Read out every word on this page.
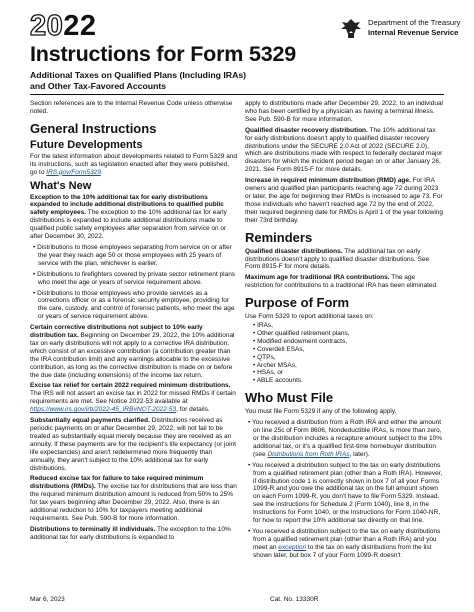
2022	Department of the Treasury
Internal Revenue Service
Instructions for Form 5329
Additional Taxes on Qualified Plans (Including IRAs)
and Other Tax-Favored Accounts

Section references are to the Internal Revenue Code unless otherwise noted.

General Instructions
Future Developments

For the latest information about developments related to Form 5329 and its instructions, such as legislation enacted after they were published, go to IRS.gov/Form5329.

What's New

Exception to the 10% additional tax for early distributions expanded to include additional distributions to qualified public safety employees. The exception to the 10% additional tax for early distributions is expanded to include additional distributions made to qualified public safety employees after separation from service on or after December 30, 2022.

• Distributions to those employees separating from service on or after the year they reach age 50 or those employees with 25 years of service with the plan, whichever is earlier.

• Distributions to firefighters covered by private sector retirement plans who meet the age or years of service requirement above.

• Distributions to those employees who provide services as a corrections officer or as a forensic security employee, providing for the care, custody, and control of forensic patients, who meet the age or years of service requirement above.

Certain corrective distributions not subject to 10% early distribution tax. Beginning on December 29, 2022, the 10% additional tax on early distributions will not apply to a corrective IRA distribution, which consist of an excessive contribution (a contribution greater than the IRA contribution limit) and any earnings allocable to the excessive contribution, as long as the corrective distribution is made on or before the due date (including extensions) of the income tax return.

Excise tax relief for certain 2022 required minimum distributions. The IRS will not assert an excise tax in 2022 for missed RMDs if certain requirements are met. See Notice 2022-53 available at https://www.irs.gov/irb/2022-45_IRB#NOT-2022-53, for details.

Substantially equal payments clarified. Distributions received as periodic payments on or after December 29, 2022, will not fail to be treated as substantially equal merely because they are received as an annuity. If these payments are for the recipient's life expectancy (or joint life expectancies) and aren't redetermined more frequently than annually, they aren't subject to the 10% additional tax for early distributions.

Reduced excise tax for failure to take required minimum distributions (RMDs). The excise tax for distributions that are less than the required minimum distribution amount is reduced from 50% to 25% for tax years beginning after December 29, 2022. Also, there is an additional reduction to 10% for taxpayers meeting additional requirements. See Pub. 590-B for more information.

Distributions to terminally ill individuals. The exception to the 10% additional tax for early distributions is expanded to

apply to distributions made after December 29, 2022, to an individual who has been certified by a physician as having a terminal illness. See Pub. 590-B for more information.

Qualified disaster recovery distribution. The 10% additional tax for early distributions doesn't apply to qualified disaster recovery distributions under the SECURE 2.0 Act of 2022 (SECURE 2.0), which are distributions made with respect to federally declared major disasters for which the incident period began on or after January 26, 2021. See Form 8915-F for more details.

Increase in required minimum distribution (RMD) age. For IRA owners and qualified plan participants reaching age 72 during 2023 or later, the age for beginning their RMDs is increased to age 73. For those individuals who haven't reached age 72 by the end of 2022, their required beginning date for RMDs is April 1 of the year following their 73rd birthday.

Reminders

Qualified disaster distributions. The additional tax on early distributions doesn't apply to qualified disaster distributions. See Form 8915-F for more details.

Maximum age for traditional IRA contributions. The age restriction for contributions to a traditional IRA has been eliminated.

Purpose of Form

Use Form 5329 to report additional taxes on:

• IRAs,
• Other qualified retirement plans,
• Modified endowment contracts,
• Coverdell ESAs,
• QTPs,
• Archer MSAs,
• HSAs, or
• ABLE accounts.
Who Must File

You must file Form 5329 if any of the following apply.

• You received a distribution from a Roth IRA and either the amount on line 25c of Form 8606, Nondeductible IRAs, is more than zero, or the distribution includes a recapture amount subject to the 10% additional tax, or it's a qualified first-time homebuyer distribution (see Distributions from Roth IRAs, later).

• You received a distribution subject to the tax on early distributions from a qualified retirement plan (other than a Roth IRA). However, if distribution code 1 is correctly shown in box 7 of all your Forms 1099-R and you owe the additional tax on the full amount shown on each Form 1099-R, you don't have to file Form 5329. Instead, see the instructions for Schedule 2 (Form 1040), line 8, in the Instructions for Form 1040, or the Instructions for Form 1040-NR, for how to report the 10% additional tax directly on that line.

• You received a distribution subject to the tax on early distributions from a qualified retirement plan (other than a Roth IRA) and you meet an exception to the tax on early distributions from the list shown later, but box 7 of your Form 1099-R doesn't

Mar 6, 2023	Cat. No. 13330R
